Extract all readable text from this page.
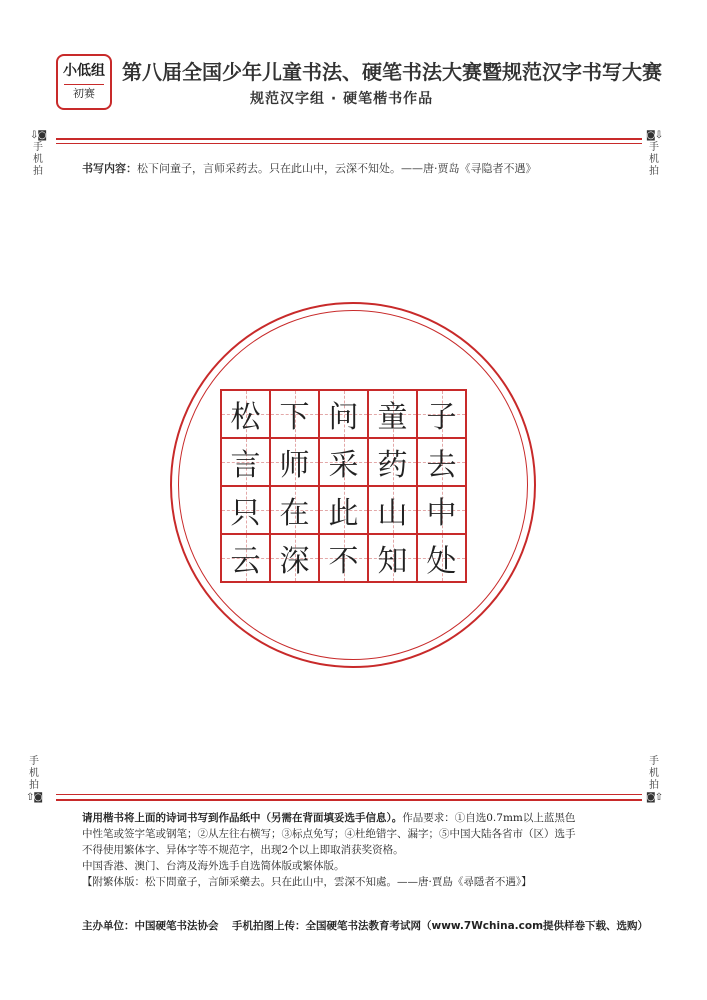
小低组
初赛
第八届全国少年儿童书法、硬笔书法大赛暨规范汉字书写大赛
规范汉字组 · 硬笔楷书作品
⇩◙
手机拍
◙⇩
手机拍
书写内容：松下问童子，言师采药去。只在此山中，云深不知处。——唐·贾岛《寻隐者不遇》
松 下 问 童 子
言 师 采 药 去
只 在 此 山 中
云 深 不 知 处
手机拍
⇧◙
手机拍
◙⇧
请用楷书将上面的诗词书写到作品纸中（另需在背面填妥选手信息）。作品要求：①自选0.7mm以上蓝黑色
中性笔或签字笔或钢笔；②从左往右横写；③标点免写；④杜绝错字、漏字；⑤中国大陆各省市（区）选手
不得使用繁体字、异体字等不规范字，出现2个以上即取消获奖资格。
中国香港、澳门、台湾及海外选手自选简体版或繁体版。
【附繁体版：松下問童子，言師采藥去。只在此山中，雲深不知處。——唐·賈島《尋隱者不遇》】
主办单位：中国硬笔书法协会 手机拍图上传：全国硬笔书法教育考试网（www.7Wchina.com提供样卷下载、选购）
